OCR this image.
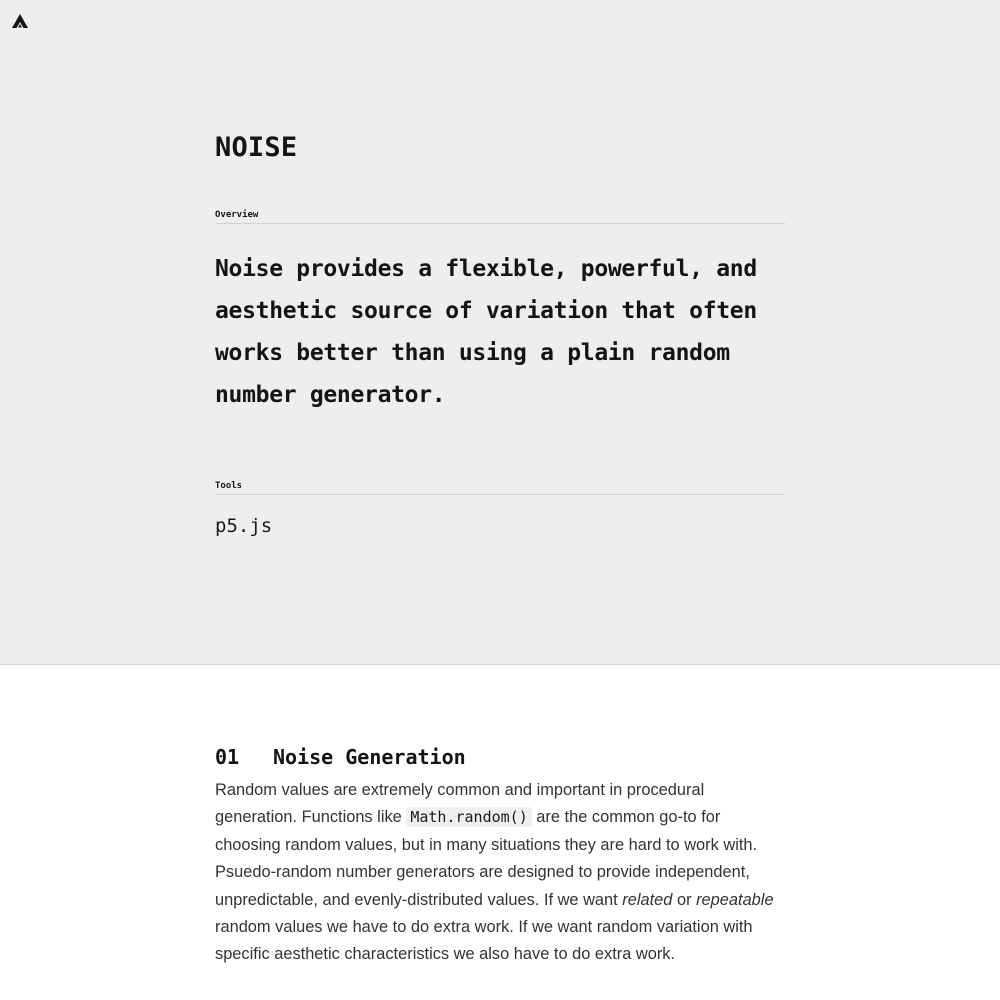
NOISE
Overview

Noise provides a flexible, powerful, and aesthetic source of variation that often works better than using a plain random number generator.

Tools
p5.js
01 Noise Generation

Random values are extremely common and important in procedural generation. Functions like Math.random() are the common go-to for choosing random values, but in many situations they are hard to work with. Psuedo-random number generators are designed to provide independent, unpredictable, and evenly-distributed values. If we want related or repeatable random values we have to do extra work. If we want random variation with specific aesthetic characteristics we also have to do extra work.
